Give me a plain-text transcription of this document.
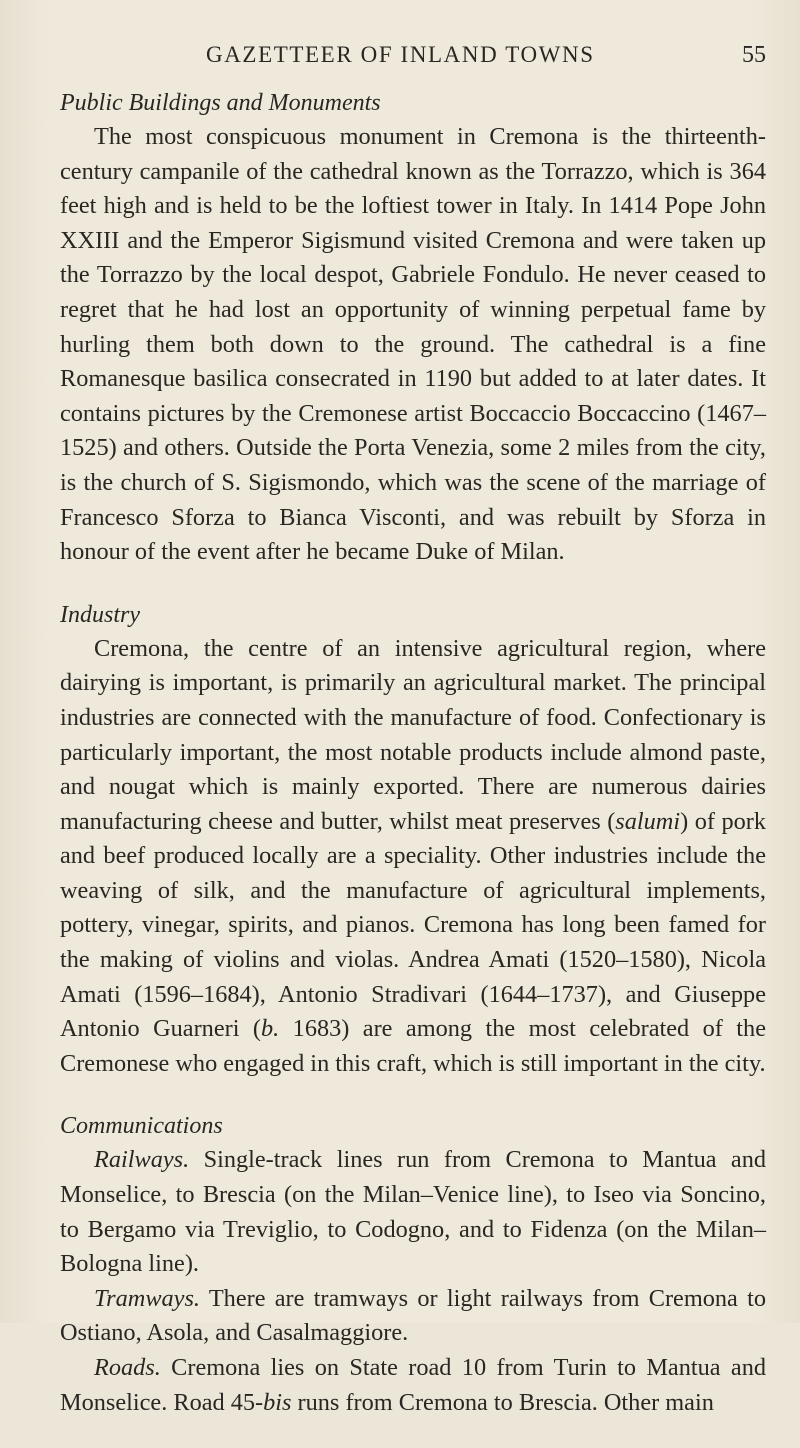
GAZETTEER OF INLAND TOWNS	55
Public Buildings and Monuments

The most conspicuous monument in Cremona is the thirteenth-century campanile of the cathedral known as the Torrazzo, which is 364 feet high and is held to be the loftiest tower in Italy. In 1414 Pope John XXIII and the Emperor Sigismund visited Cremona and were taken up the Torrazzo by the local despot, Gabriele Fondulo. He never ceased to regret that he had lost an opportunity of winning perpetual fame by hurling them both down to the ground. The cathedral is a fine Romanesque basilica consecrated in 1190 but added to at later dates. It contains pictures by the Cremonese artist Boccaccio Boccaccino (1467–1525) and others. Outside the Porta Venezia, some 2 miles from the city, is the church of S. Sigismondo, which was the scene of the marriage of Francesco Sforza to Bianca Visconti, and was rebuilt by Sforza in honour of the event after he became Duke of Milan.

Industry

Cremona, the centre of an intensive agricultural region, where dairying is important, is primarily an agricultural market. The principal industries are connected with the manufacture of food. Confectionary is particularly important, the most notable products include almond paste, and nougat which is mainly exported. There are numerous dairies manufacturing cheese and butter, whilst meat preserves (salumi) of pork and beef produced locally are a speciality. Other industries include the weaving of silk, and the manufacture of agricultural implements, pottery, vinegar, spirits, and pianos. Cremona has long been famed for the making of violins and violas. Andrea Amati (1520–1580), Nicola Amati (1596–1684), Antonio Stradivari (1644–1737), and Giuseppe Antonio Guarneri (b. 1683) are among the most celebrated of the Cremonese who engaged in this craft, which is still important in the city.

Communications

Railways. Single-track lines run from Cremona to Mantua and Monselice, to Brescia (on the Milan–Venice line), to Iseo via Soncino, to Bergamo via Treviglio, to Codogno, and to Fidenza (on the Milan–Bologna line).

Tramways. There are tramways or light railways from Cremona to Ostiano, Asola, and Casalmaggiore.

Roads. Cremona lies on State road 10 from Turin to Mantua and Monselice. Road 45-bis runs from Cremona to Brescia. Other main
